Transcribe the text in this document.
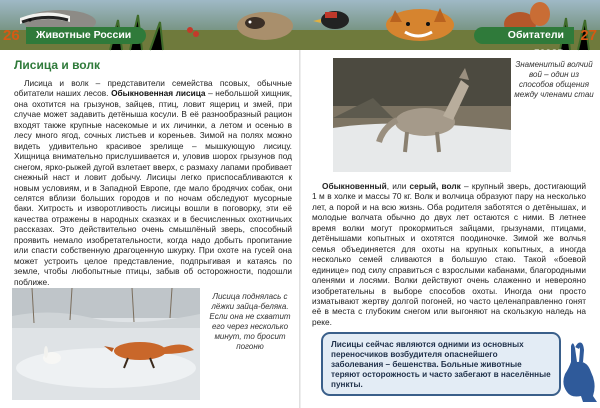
26	Животные России	Обитатели лесов
27
Лисица и волк

Лисица и волк – представители семейства псовых, обычные обитатели наших лесов. Обыкновенная лисица – небольшой хищник, она охотится на грызунов, зайцев, птиц, ловит ящериц и змей, при случае может задавить детёныша косули. В её разнообразный рацион входят также крупные насекомые и их личинки, а летом и осенью в лесу много ягод, сочных листьев и кореньев. Зимой на полях можно видеть удивительно красивое зрелище – мышкующую лисицу. Хищница внимательно прислушивается и, уловив шорох грызунов под снегом, ярко-рыжей дугой взлетает вверх, с размаху лапами пробивает снежный наст и ловит добычу. Лисицы легко приспосабливаются к новым условиям, и в Западной Европе, где мало бродячих собак, они селятся вблизи больших городов и по ночам обследуют мусорные баки. Хитрость и изворотливость лисицы вошли в поговорку, эти её качества отражены в народных сказках и в бесчисленных охотничьих рассказах. Это действительно очень смышлёный зверь, способный проявить немало изобретательности, когда надо добыть пропитание или спасти собственную драгоценную шкурку. При охоте на гусей она может устроить целое представление, подпрыгивая и катаясь по земле, чтобы любопытные птицы, забыв об осторожности, подошли поближе.

Лисица поднялась с лёжки зайца-беляка. Если она не схватит его через несколько минут, то бросит погоню
Знаменитый волчий вой – один из способов общения между членами стаи

Обыкновенный, или серый, волк – крупный зверь, достигающий 1 м в холке и массы 70 кг. Волк и волчица образуют пару на несколько лет, а порой и на всю жизнь. Оба родителя заботятся о детёнышах, и молодые волчата обычно до двух лет остаются с ними. В летнее время волки могут прокормиться зайцами, грызунами, птицами, детёнышами копытных и охотятся поодиночке. Зимой же волчья семья объединяется для охоты на крупных копытных, а иногда несколько семей сливаются в большую стаю. Такой «боевой единице» под силу справиться с взрослыми кабанами, благородными оленями и лосями. Волки действуют очень слаженно и неверояно изобретательны в выборе способов охоты. Иногда они просто изматывают жертву долгой погоней, но часто целенаправленно гонят её в места с глубоким снегом или выгоняют на скользкую наледь на реке.

Лисицы сейчас являются одними из основных переносчиков возбудителя опаснейшего заболевания – бешенства. Больные животные теряют осторожность и часто забегают в населённые пункты.
